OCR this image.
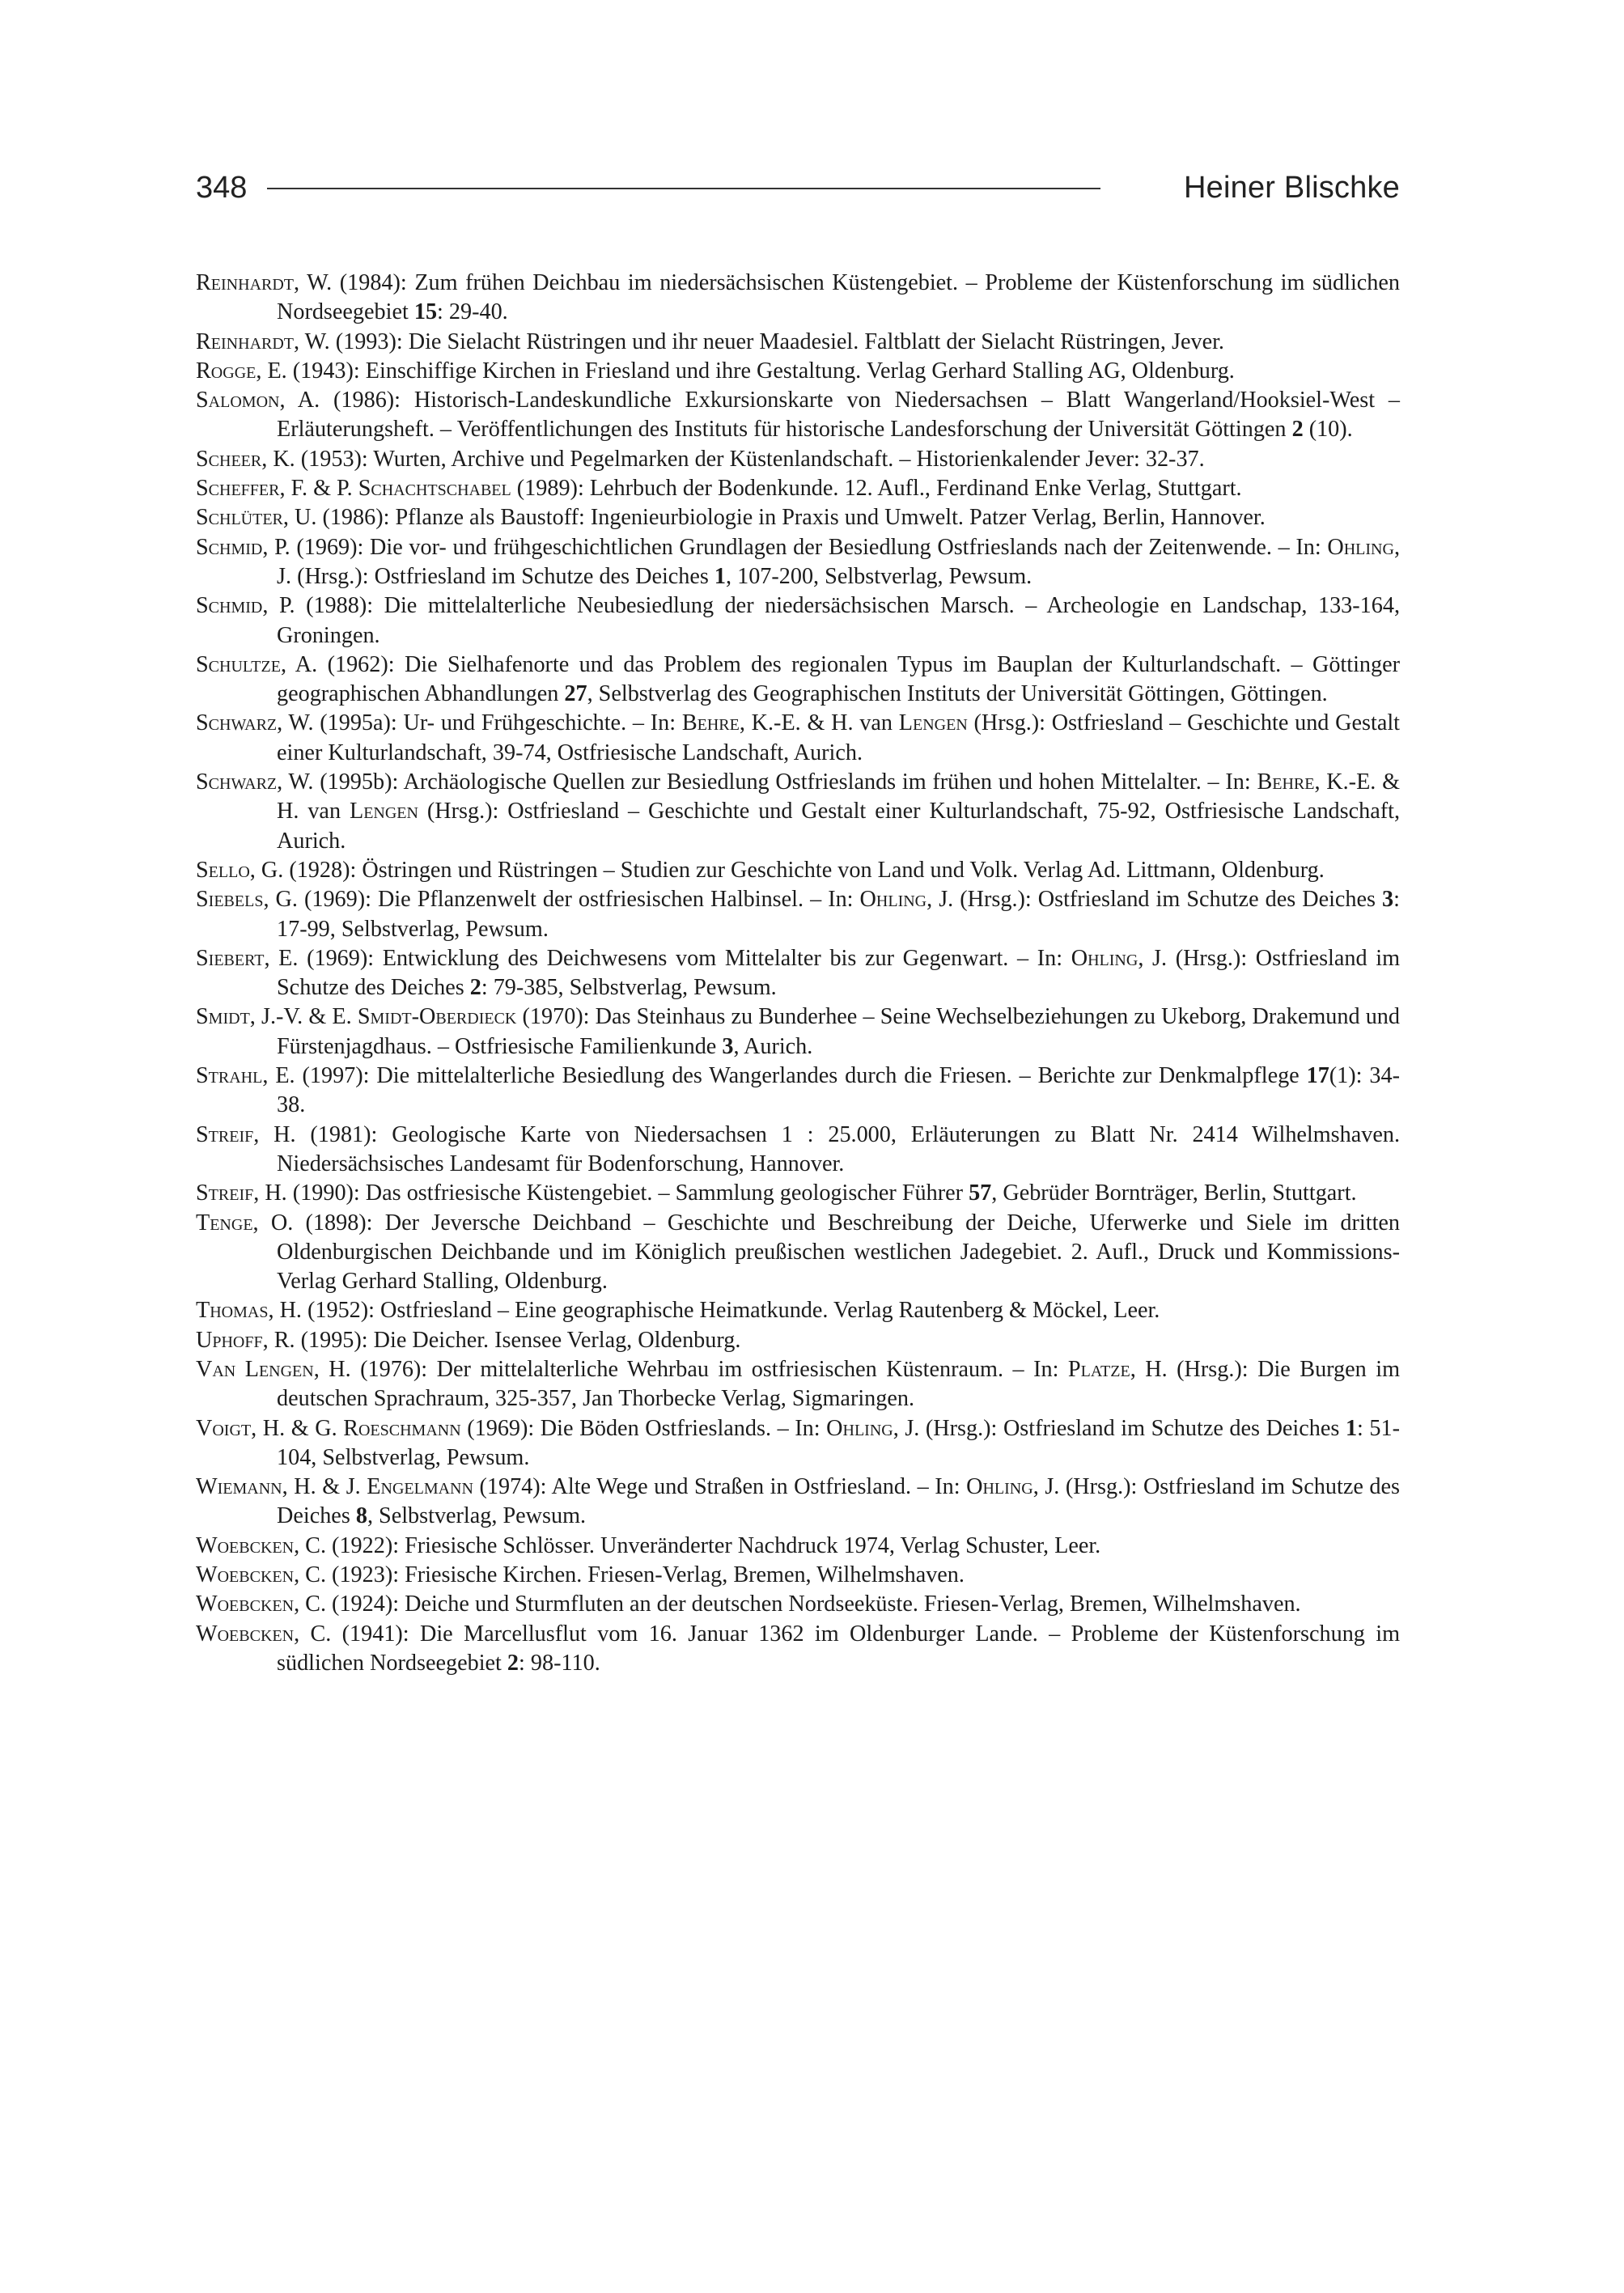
348	Heiner Blischke
Reinhardt, W. (1984): Zum frühen Deichbau im niedersächsischen Küstengebiet. – Probleme der Küstenforschung im südlichen Nordseegebiet 15: 29-40.
Reinhardt, W. (1993): Die Sielacht Rüstringen und ihr neuer Maadesiel. Faltblatt der Sielacht Rüstringen, Jever.
Rogge, E. (1943): Einschiffige Kirchen in Friesland und ihre Gestaltung. Verlag Gerhard Stalling AG, Oldenburg.
Salomon, A. (1986): Historisch-Landeskundliche Exkursionskarte von Niedersachsen – Blatt Wangerland/Hooksiel-West – Erläuterungsheft. – Veröffentlichungen des Instituts für historische Landesforschung der Universität Göttingen 2 (10).
Scheer, K. (1953): Wurten, Archive und Pegelmarken der Küstenlandschaft. – Historienkalender Jever: 32-37.
Scheffer, F. & P. Schachtschabel (1989): Lehrbuch der Bodenkunde. 12. Aufl., Ferdinand Enke Verlag, Stuttgart.
Schlüter, U. (1986): Pflanze als Baustoff: Ingenieurbiologie in Praxis und Umwelt. Patzer Verlag, Berlin, Hannover.
Schmid, P. (1969): Die vor- und frühgeschichtlichen Grundlagen der Besiedlung Ostfrieslands nach der Zeitenwende. – In: Ohling, J. (Hrsg.): Ostfriesland im Schutze des Deiches 1, 107-200, Selbstverlag, Pewsum.
Schmid, P. (1988): Die mittelalterliche Neubesiedlung der niedersächsischen Marsch. – Archeologie en Landschap, 133-164, Groningen.
Schultze, A. (1962): Die Sielhafenorte und das Problem des regionalen Typus im Bauplan der Kulturlandschaft. – Göttinger geographischen Abhandlungen 27, Selbstverlag des Geographischen Instituts der Universität Göttingen, Göttingen.
Schwarz, W. (1995a): Ur- und Frühgeschichte. – In: Behre, K.-E. & H. van Lengen (Hrsg.): Ostfriesland – Geschichte und Gestalt einer Kulturlandschaft, 39-74, Ostfriesische Landschaft, Aurich.
Schwarz, W. (1995b): Archäologische Quellen zur Besiedlung Ostfrieslands im frühen und hohen Mittelalter. – In: Behre, K.-E. & H. van Lengen (Hrsg.): Ostfriesland – Geschichte und Gestalt einer Kulturlandschaft, 75-92, Ostfriesische Landschaft, Aurich.
Sello, G. (1928): Östringen und Rüstringen – Studien zur Geschichte von Land und Volk. Verlag Ad. Littmann, Oldenburg.
Siebels, G. (1969): Die Pflanzenwelt der ostfriesischen Halbinsel. – In: Ohling, J. (Hrsg.): Ostfriesland im Schutze des Deiches 3: 17-99, Selbstverlag, Pewsum.
Siebert, E. (1969): Entwicklung des Deichwesens vom Mittelalter bis zur Gegenwart. – In: Ohling, J. (Hrsg.): Ostfriesland im Schutze des Deiches 2: 79-385, Selbstverlag, Pewsum.
Smidt, J.-V. & E. Smidt-Oberdieck (1970): Das Steinhaus zu Bunderhee – Seine Wechselbeziehungen zu Ukeborg, Drakemund und Fürstenjagdhaus. – Ostfriesische Familienkunde 3, Aurich.
Strahl, E. (1997): Die mittelalterliche Besiedlung des Wangerlandes durch die Friesen. – Berichte zur Denkmalpflege 17(1): 34-38.
Streif, H. (1981): Geologische Karte von Niedersachsen 1 : 25.000, Erläuterungen zu Blatt Nr. 2414 Wilhelmshaven. Niedersächsisches Landesamt für Bodenforschung, Hannover.
Streif, H. (1990): Das ostfriesische Küstengebiet. – Sammlung geologischer Führer 57, Gebrüder Bornträger, Berlin, Stuttgart.
Tenge, O. (1898): Der Jeversche Deichband – Geschichte und Beschreibung der Deiche, Uferwerke und Siele im dritten Oldenburgischen Deichbande und im Königlich preußischen westlichen Jadegebiet. 2. Aufl., Druck und Kommissions-Verlag Gerhard Stalling, Oldenburg.
Thomas, H. (1952): Ostfriesland – Eine geographische Heimatkunde. Verlag Rautenberg & Möckel, Leer.
Uphoff, R. (1995): Die Deicher. Isensee Verlag, Oldenburg.
Van Lengen, H. (1976): Der mittelalterliche Wehrbau im ostfriesischen Küstenraum. – In: Platze, H. (Hrsg.): Die Burgen im deutschen Sprachraum, 325-357, Jan Thorbecke Verlag, Sigmaringen.
Voigt, H. & G. Roeschmann (1969): Die Böden Ostfrieslands. – In: Ohling, J. (Hrsg.): Ostfriesland im Schutze des Deiches 1: 51-104, Selbstverlag, Pewsum.
Wiemann, H. & J. Engelmann (1974): Alte Wege und Straßen in Ostfriesland. – In: Ohling, J. (Hrsg.): Ostfriesland im Schutze des Deiches 8, Selbstverlag, Pewsum.
Woebcken, C. (1922): Friesische Schlösser. Unveränderter Nachdruck 1974, Verlag Schuster, Leer.
Woebcken, C. (1923): Friesische Kirchen. Friesen-Verlag, Bremen, Wilhelmshaven.
Woebcken, C. (1924): Deiche und Sturmfluten an der deutschen Nordseeküste. Friesen-Verlag, Bremen, Wilhelmshaven.
Woebcken, C. (1941): Die Marcellusflut vom 16. Januar 1362 im Oldenburger Lande. – Probleme der Küstenforschung im südlichen Nordseegebiet 2: 98-110.
